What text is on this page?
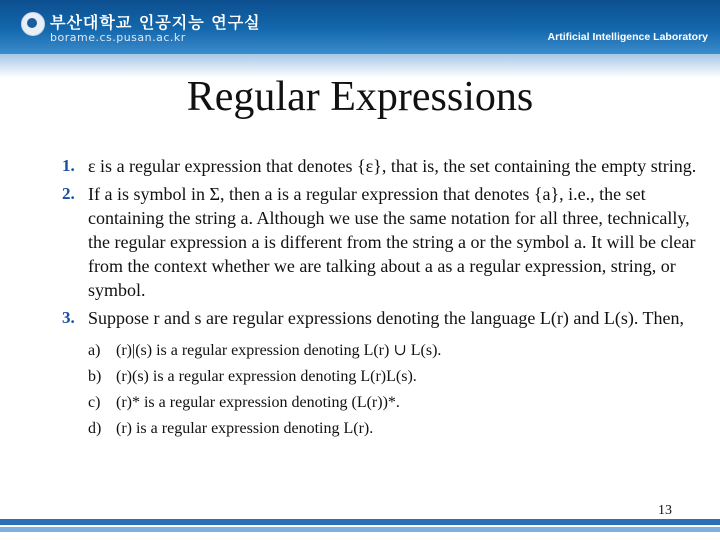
부산대학교 인공지능 연구실
borame.cs.pusan.ac.kr	Artificial Intelligence Laboratory
Regular Expressions
1. ε is a regular expression that denotes {ε}, that is, the set containing the empty string.
2. If a is symbol in Σ, then a is a regular expression that denotes {a}, i.e., the set containing the string a. Although we use the same notation for all three, technically, the regular expression a is different from the string a or the symbol a. It will be clear from the context whether we are talking about a as a regular expression, string, or symbol.
3. Suppose r and s are regular expressions denoting the language L(r) and L(s). Then,
a) (r)|(s) is a regular expression denoting L(r) ∪ L(s).
b) (r)(s) is a regular expression denoting L(r)L(s).
c) (r)* is a regular expression denoting (L(r))*.
d) (r) is a regular expression denoting L(r).
13
